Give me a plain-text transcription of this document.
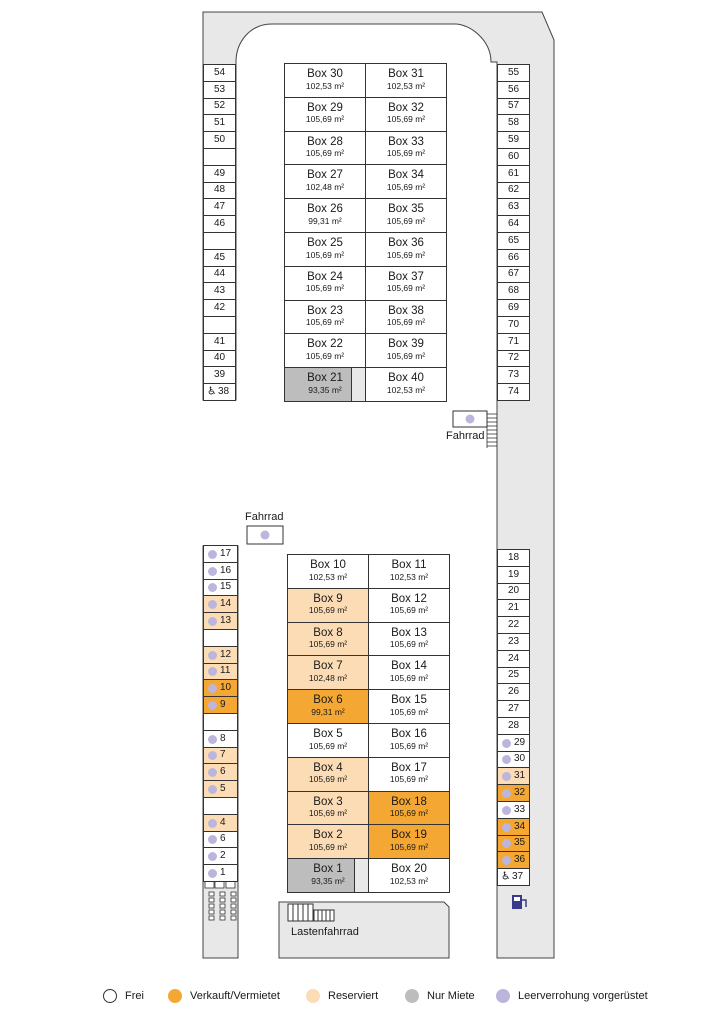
54
53
52
51
50
49
48
47
46
45
44
43
42
41
40
39
♿ 38
55
56
57
58
59
60
61
62
63
64
65
66
67
68
69
70
71
72
73
74
17
16
15
14
13
12
11
10
9
8
7
6
5
4
6
2
1
18
19
20
21
22
23
24
25
26
27
28
29
30
31
32
33
34
35
36
♿ 37
Box 30
102,53 m²
Box 29
105,69 m²
Box 28
105,69 m²
Box 27
102,48 m²
Box 26
99,31 m²
Box 25
105,69 m²
Box 24
105,69 m²
Box 23
105,69 m²
Box 22
105,69 m²
Box 21
93,35 m²
Box 31
102,53 m²
Box 32
105,69 m²
Box 33
105,69 m²
Box 34
105,69 m²
Box 35
105,69 m²
Box 36
105,69 m²
Box 37
105,69 m²
Box 38
105,69 m²
Box 39
105,69 m²
Box 40
102,53 m²
Box 10
102,53 m²
Box 9
105,69 m²
Box 8
105,69 m²
Box 7
102,48 m²
Box 6
99,31 m²
Box 5
105,69 m²
Box 4
105,69 m²
Box 3
105,69 m²
Box 2
105,69 m²
Box 1
93,35 m²
Box 11
102,53 m²
Box 12
105,69 m²
Box 13
105,69 m²
Box 14
105,69 m²
Box 15
105,69 m²
Box 16
105,69 m²
Box 17
105,69 m²
Box 18
105,69 m²
Box 19
105,69 m²
Box 20
102,53 m²
Fahrrad
Fahrrad
Lastenfahrrad
Frei	Verkauft/Vermietet	Reserviert	Nur Miete	Leerverrohung vorgerüstet
